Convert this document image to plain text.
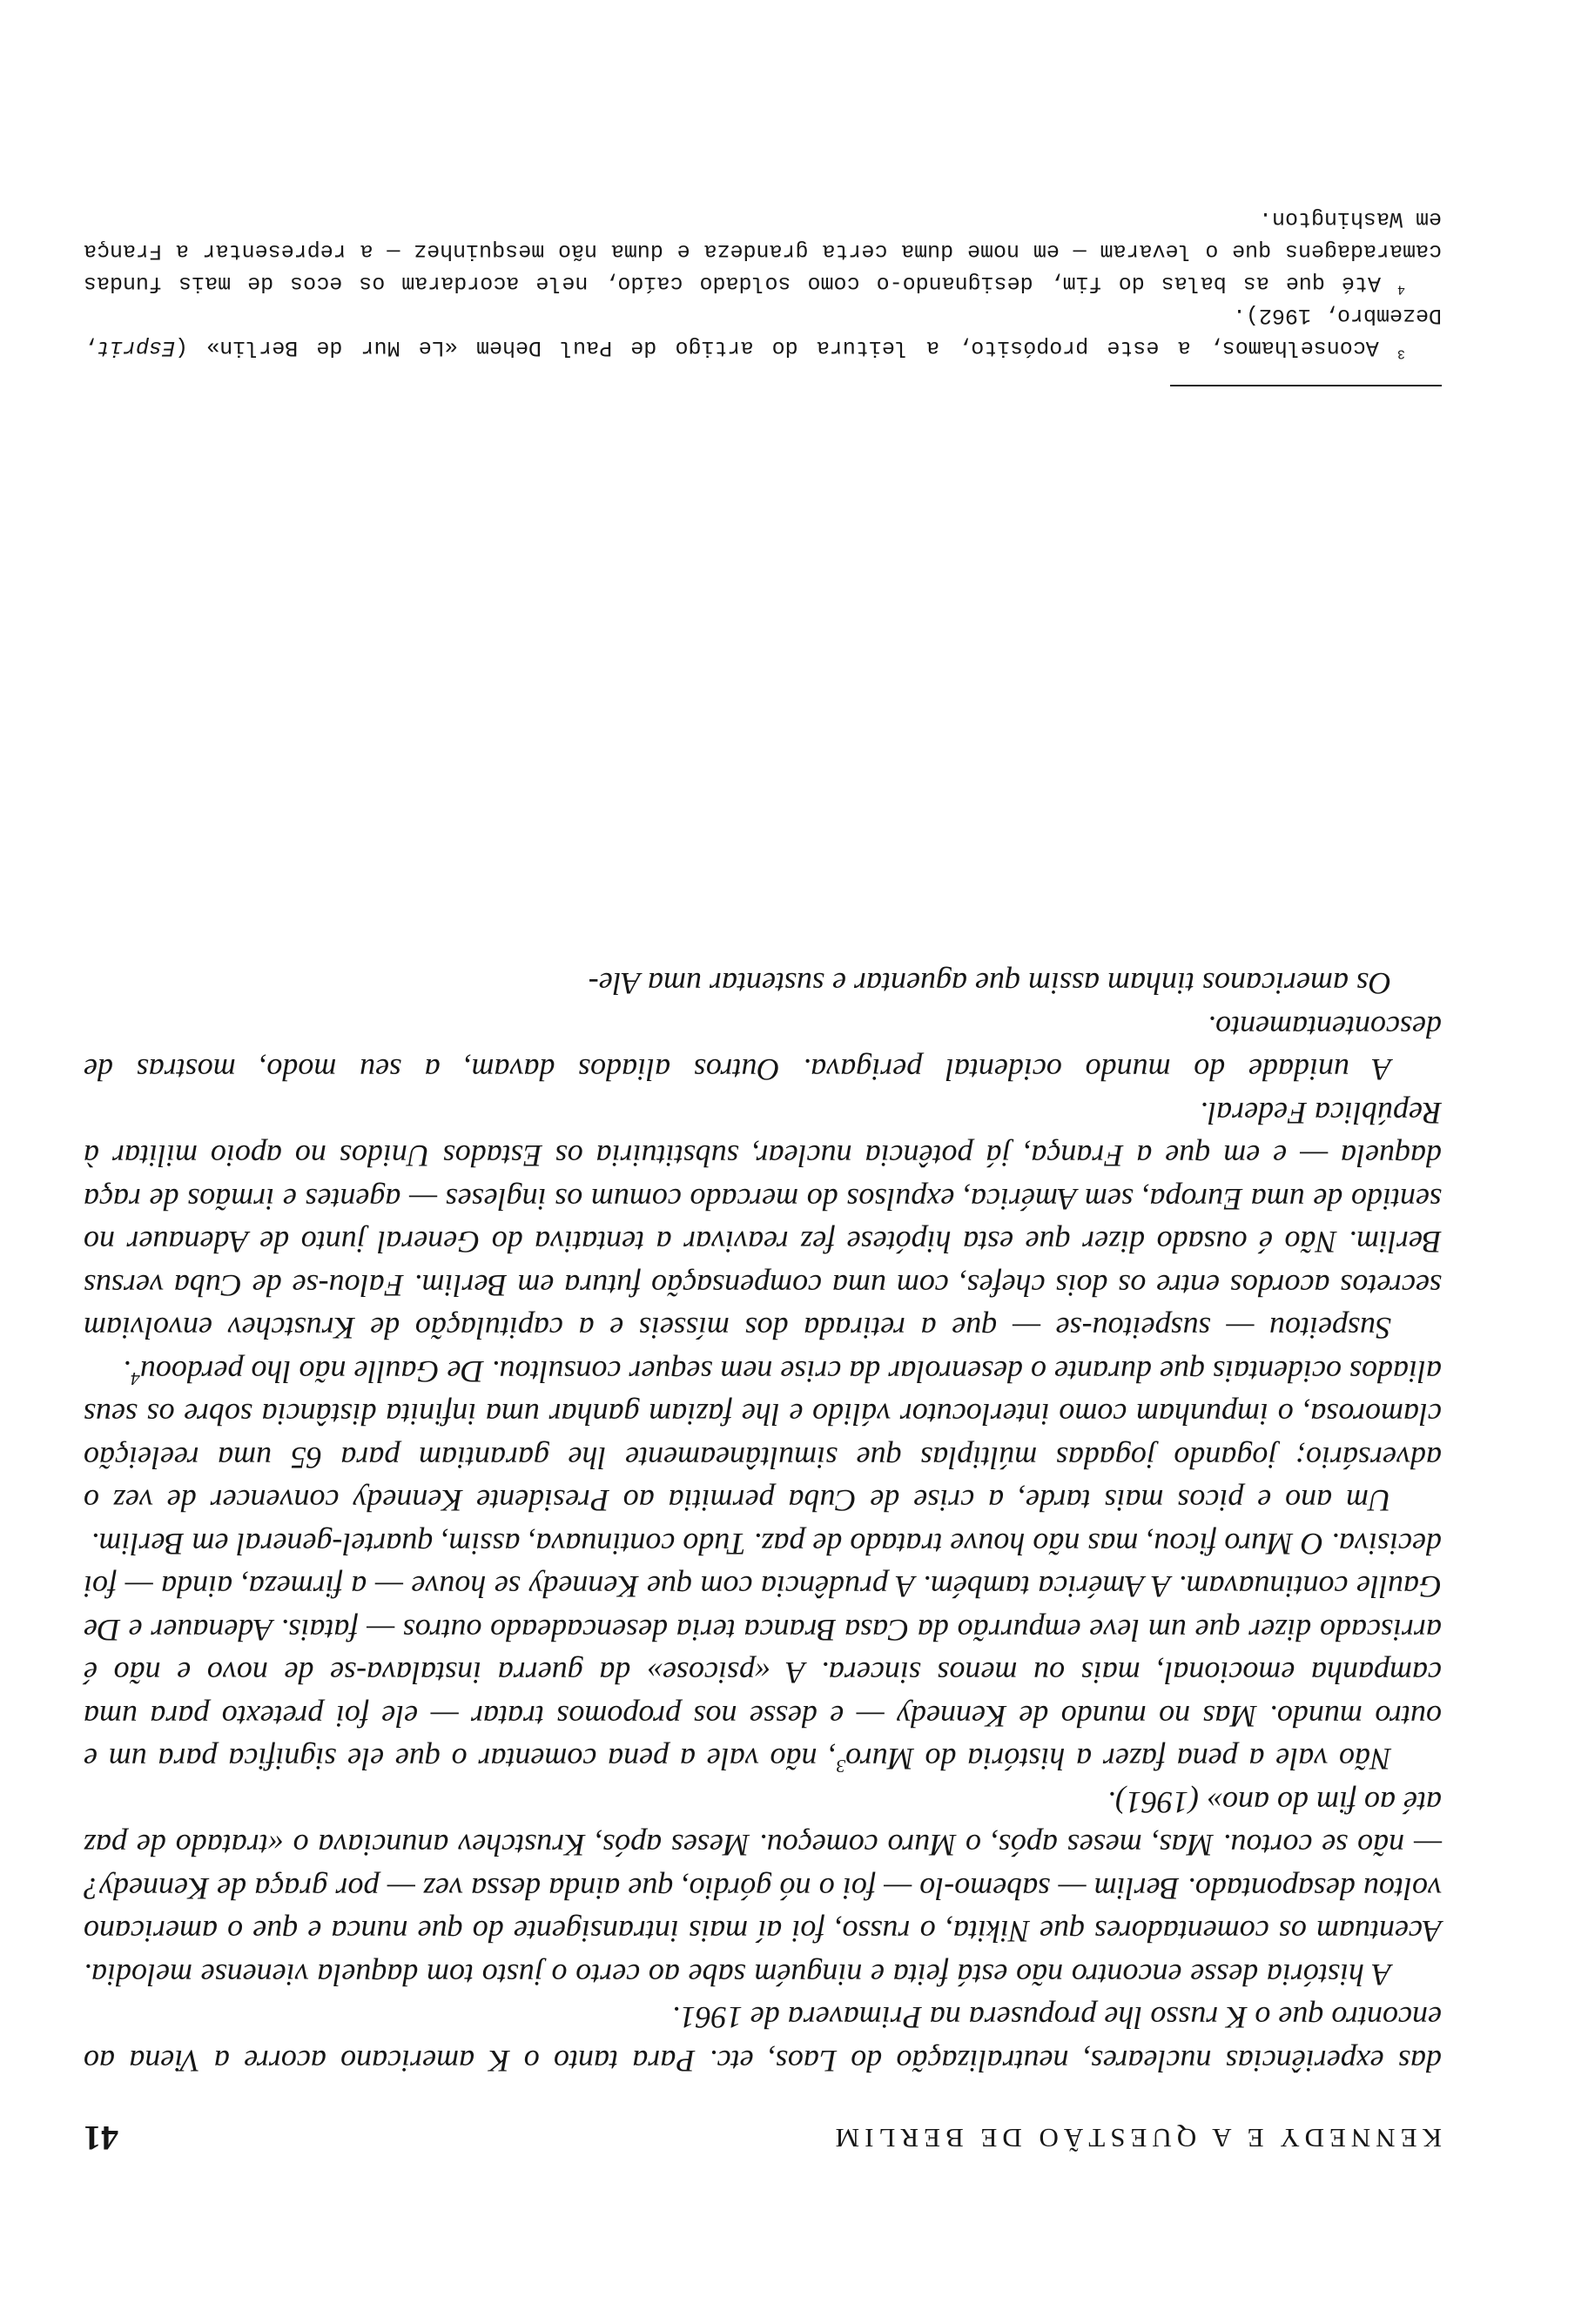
KENNEDY E A QUESTÃO DE BERLIM
41

das experiências nucleares, neutralização do Laos, etc. Para tanto o K americano acorre a Viena ao encontro que o K russo lhe propusera na Primavera de 1961.

A história desse encontro não está feita e ninguém sabe ao certo o justo tom daquela vienense melodia. Acentuam os comentadores que Nikita, o russo, foi aí mais intransigente do que nunca e que o americano voltou desapontado. Berlim — sabemo-lo — foi o nó górdio, que ainda dessa vez — por graça de Kennedy? — não se cortou. Mas, meses após, o Muro começou. Meses após, Krustchev anunciava o «tratado de paz até ao fim do ano» (1961).

Não vale a pena fazer a história do Muro$^3$, não vale a pena comentar o que ele significa para um e outro mundo. Mas no mundo de Kennedy — e desse nos propomos tratar — ele foi pretexto para uma campanha emocional, mais ou menos sincera. A «psicose» da guerra instalava-se de novo e não é arriscado dizer que um leve empurrão da Casa Branca teria desencadeado outros — fatais. Adenauer e De Gaulle continuavam. A América também. A prudência com que Kennedy se houve — a firmeza, ainda — foi decisiva. O Muro ficou, mas não houve tratado de paz. Tudo continuava, assim, quartel-general em Berlim.

Um ano e picos mais tarde, a crise de Cuba permitia ao Presidente Kennedy convencer de vez o adversário; jogando jogadas múltiplas que simultâneamente lhe garantiam para 65 uma reeleição clamorosa, o impunham como interlocutor válido e lhe faziam ganhar uma infinita distância sobre os seus aliados ocidentais que durante o desenrolar da crise nem sequer consultou. De Gaulle não lho perdoou$^4$.

Suspeitou — suspeitou-se — que a retirada dos mísseis e a capitulação de Krustchev envolviam secretos acordos entre os dois chefes, com uma compensação futura em Berlim. Falou-se de Cuba versus Berlim. Não é ousado dizer que esta hipótese fez reavivar a tentativa do General junto de Adenauer no sentido de uma Europa, sem América, expulsos do mercado comum os ingleses — agentes e irmãos de raça daquela — e em que a França, já potência nuclear, substituiria os Estados Unidos no apoio militar à República Federal.

A unidade do mundo ocidental perigava. Outros aliados davam, a seu modo, mostras de descontentamento.

Os americanos tinham assim que aguentar e sustentar uma Ale-

$^3$ Aconselhamos, a este propósito, a leitura do artigo de Paul Dehem «Le Mur de Berlin» (Esprit, Dezembro, 1962).

$^4$ Até que as balas do fim, designando-o como soldado caído, nele acordaram os ecos de mais fundas camaradagens que o levaram — em nome duma certa grandeza e duma não mesquinhez — a representar a França em Washington.
